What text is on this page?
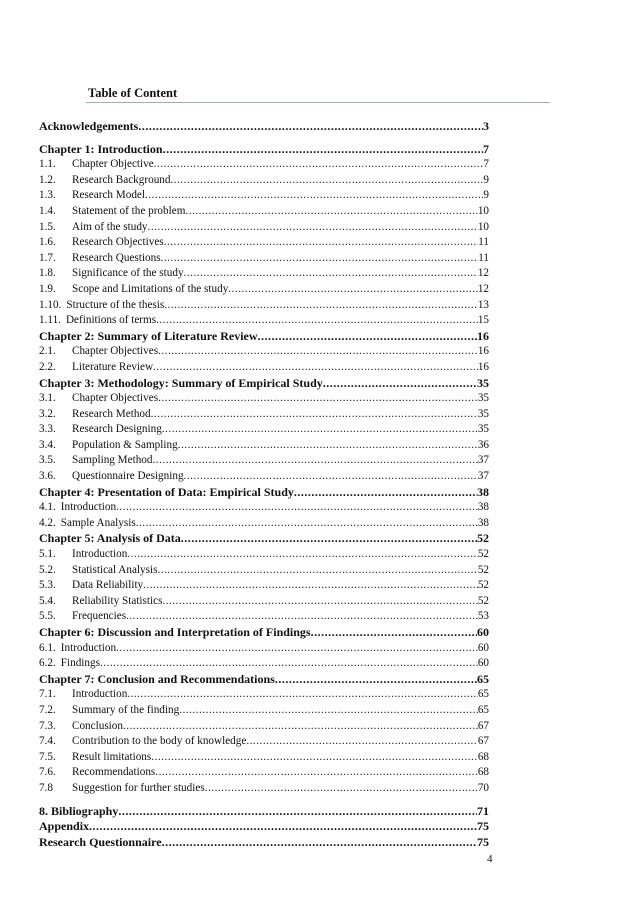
Table of Content
Acknowledgements .....	3
Chapter 1: Introduction .....	7
1.1.	Chapter Objective .....	7
1.2.	Research Background .....	9
1.3.	Research Model .....	9
1.4.	Statement of the problem .....	10
1.5.	Aim of the study .....	10
1.6.	Research Objectives .....	11
1.7.	Research Questions .....	11
1.8.	Significance of the study .....	12
1.9.	Scope and Limitations of the study .....	12
1.10. Structure of the thesis .....	13
1.11. Definitions of terms .....	15
Chapter 2: Summary of Literature Review .....	16
2.1.	Chapter Objectives .....	16
2.2.	Literature Review .....	16
Chapter 3: Methodology: Summary of Empirical Study .....	35
3.1.	Chapter Objectives .....	35
3.2.	Research Method .....	35
3.3.	Research Designing .....	35
3.4.	Population & Sampling .....	36
3.5.	Sampling Method .....	37
3.6.	Questionnaire Designing .....	37
Chapter 4: Presentation of Data: Empirical Study .....	38
4.1. Introduction .....	38
4.2. Sample Analysis .....	38
Chapter 5: Analysis of Data .....	52
5.1.	Introduction .....	52
5.2.	Statistical Analysis .....	52
5.3.	Data Reliability .....	52
5.4.	Reliability Statistics .....	52
5.5.	Frequencies .....	53
Chapter 6: Discussion and Interpretation of Findings .....	60
6.1. Introduction .....	60
6.2. Findings .....	60
Chapter 7: Conclusion and Recommendations .....	65
7.1.	Introduction .....	65
7.2.	Summary of the finding .....	65
7.3.	Conclusion .....	67
7.4.	Contribution to the body of knowledge .....	67
7.5.	Result limitations .....	68
7.6.	Recommendations .....	68
7.8	Suggestion for further studies .....	70
8. Bibliography .....	71
Appendix .....	75
Research Questionnaire .....	75
4
